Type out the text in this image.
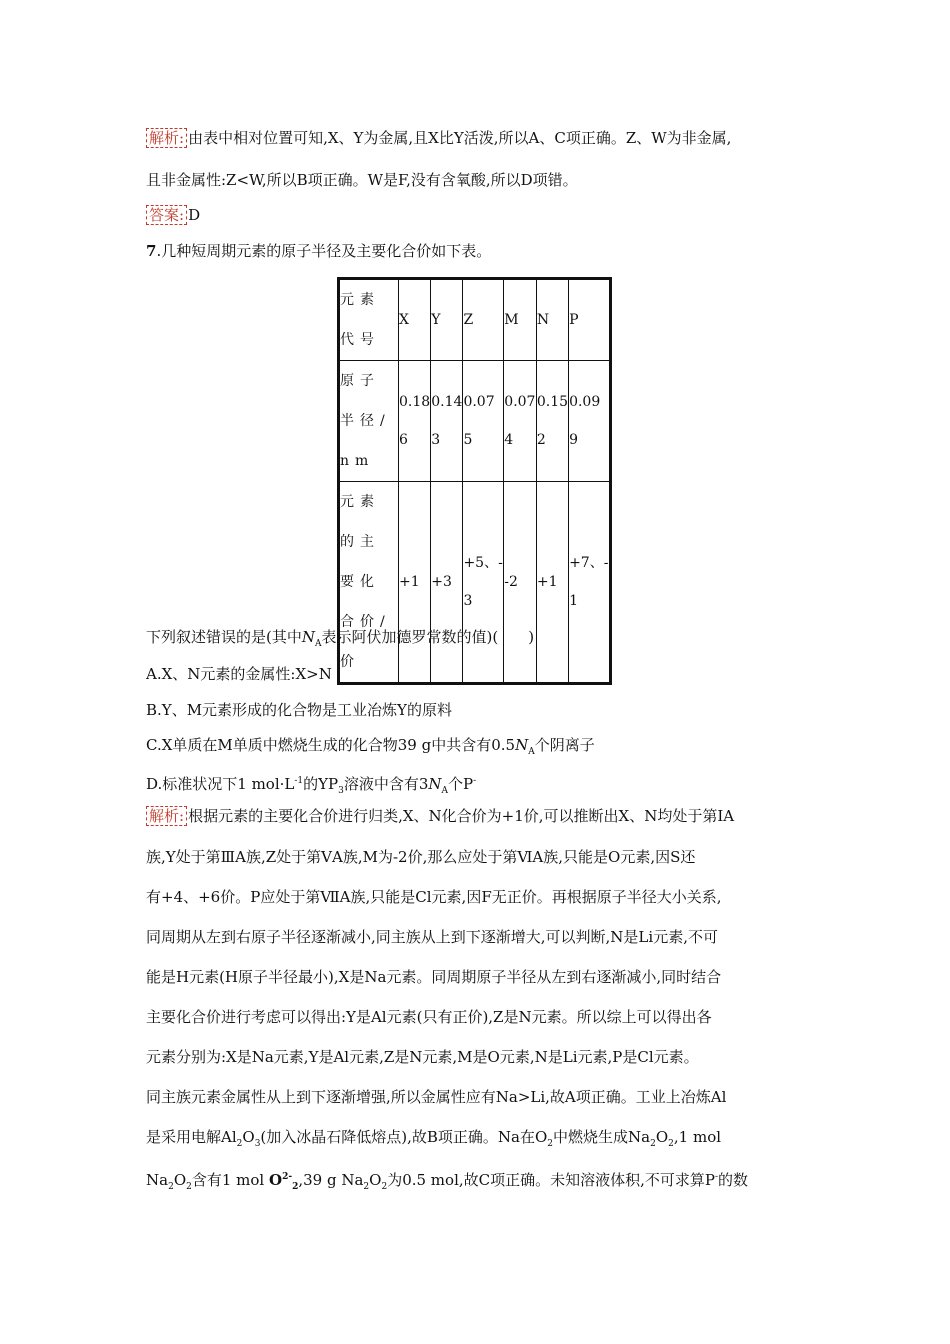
解析: 由表中相对位置可知,X、Y为金属,且X比Y活泼,所以A、C项正确。Z、W为非金属,
且非金属性:Z<W,所以B项正确。W是F,没有含氧酸,所以D项错。
答案: D
7.几种短周期元素的原子半径及主要化合价如下表。
元素代号	X	Y	Z	M	N	P
原子半径/nm	0.186	0.143	0.075	0.074	0.152	0.099
元素的主要化合价/价	+1	+3	+5、-3	-2	+1	+7、-1
下列叙述错误的是(其中$N_A$表示阿伏加德罗常数的值)(　　)
A.X、N元素的金属性:X>N
B.Y、M元素形成的化合物是工业冶炼Y的原料
C.X单质在M单质中燃烧生成的化合物39 g中共含有$0.5N_A$个阴离子
D.标准状况下1 $mol\cdot L^{-1}$的$YP_3$溶液中含有$3N_A$个P-
解析: 根据元素的主要化合价进行归类,X、N化合价为+1价,可以推断出X、N均处于第ⅠA
族,Y处于第ⅢA族,Z处于第ⅤA族,M为-2价,那么应处于第ⅥA族,只能是O元素,因S还
有+4、+6价。P应处于第ⅦA族,只能是Cl元素,因F无正价。再根据原子半径大小关系,
同周期从左到右原子半径逐渐减小,同主族从上到下逐渐增大,可以判断,N是Li元素,不可
能是H元素(H原子半径最小),X是Na元素。同周期原子半径从左到右逐渐减小,同时结合
主要化合价进行考虑可以得出:Y是Al元素(只有正价),Z是N元素。所以综上可以得出各
元素分别为:X是Na元素,Y是Al元素,Z是N元素,M是O元素,N是Li元素,P是Cl元素。
同主族元素金属性从上到下逐渐增强,所以金属性应有Na>Li,故A项正确。工业上冶炼Al
是采用电解$Al_2O_3$(加入冰晶石降低熔点),故B项正确。Na在$O_2$中燃烧生成$Na_2O_2,1$ mol
$Na_2O_2$含有1 mol $O^{2-}_2,39$ g $Na_2O_2$为0.5 mol,故C项正确。未知溶液体积,不可求算P-的数
